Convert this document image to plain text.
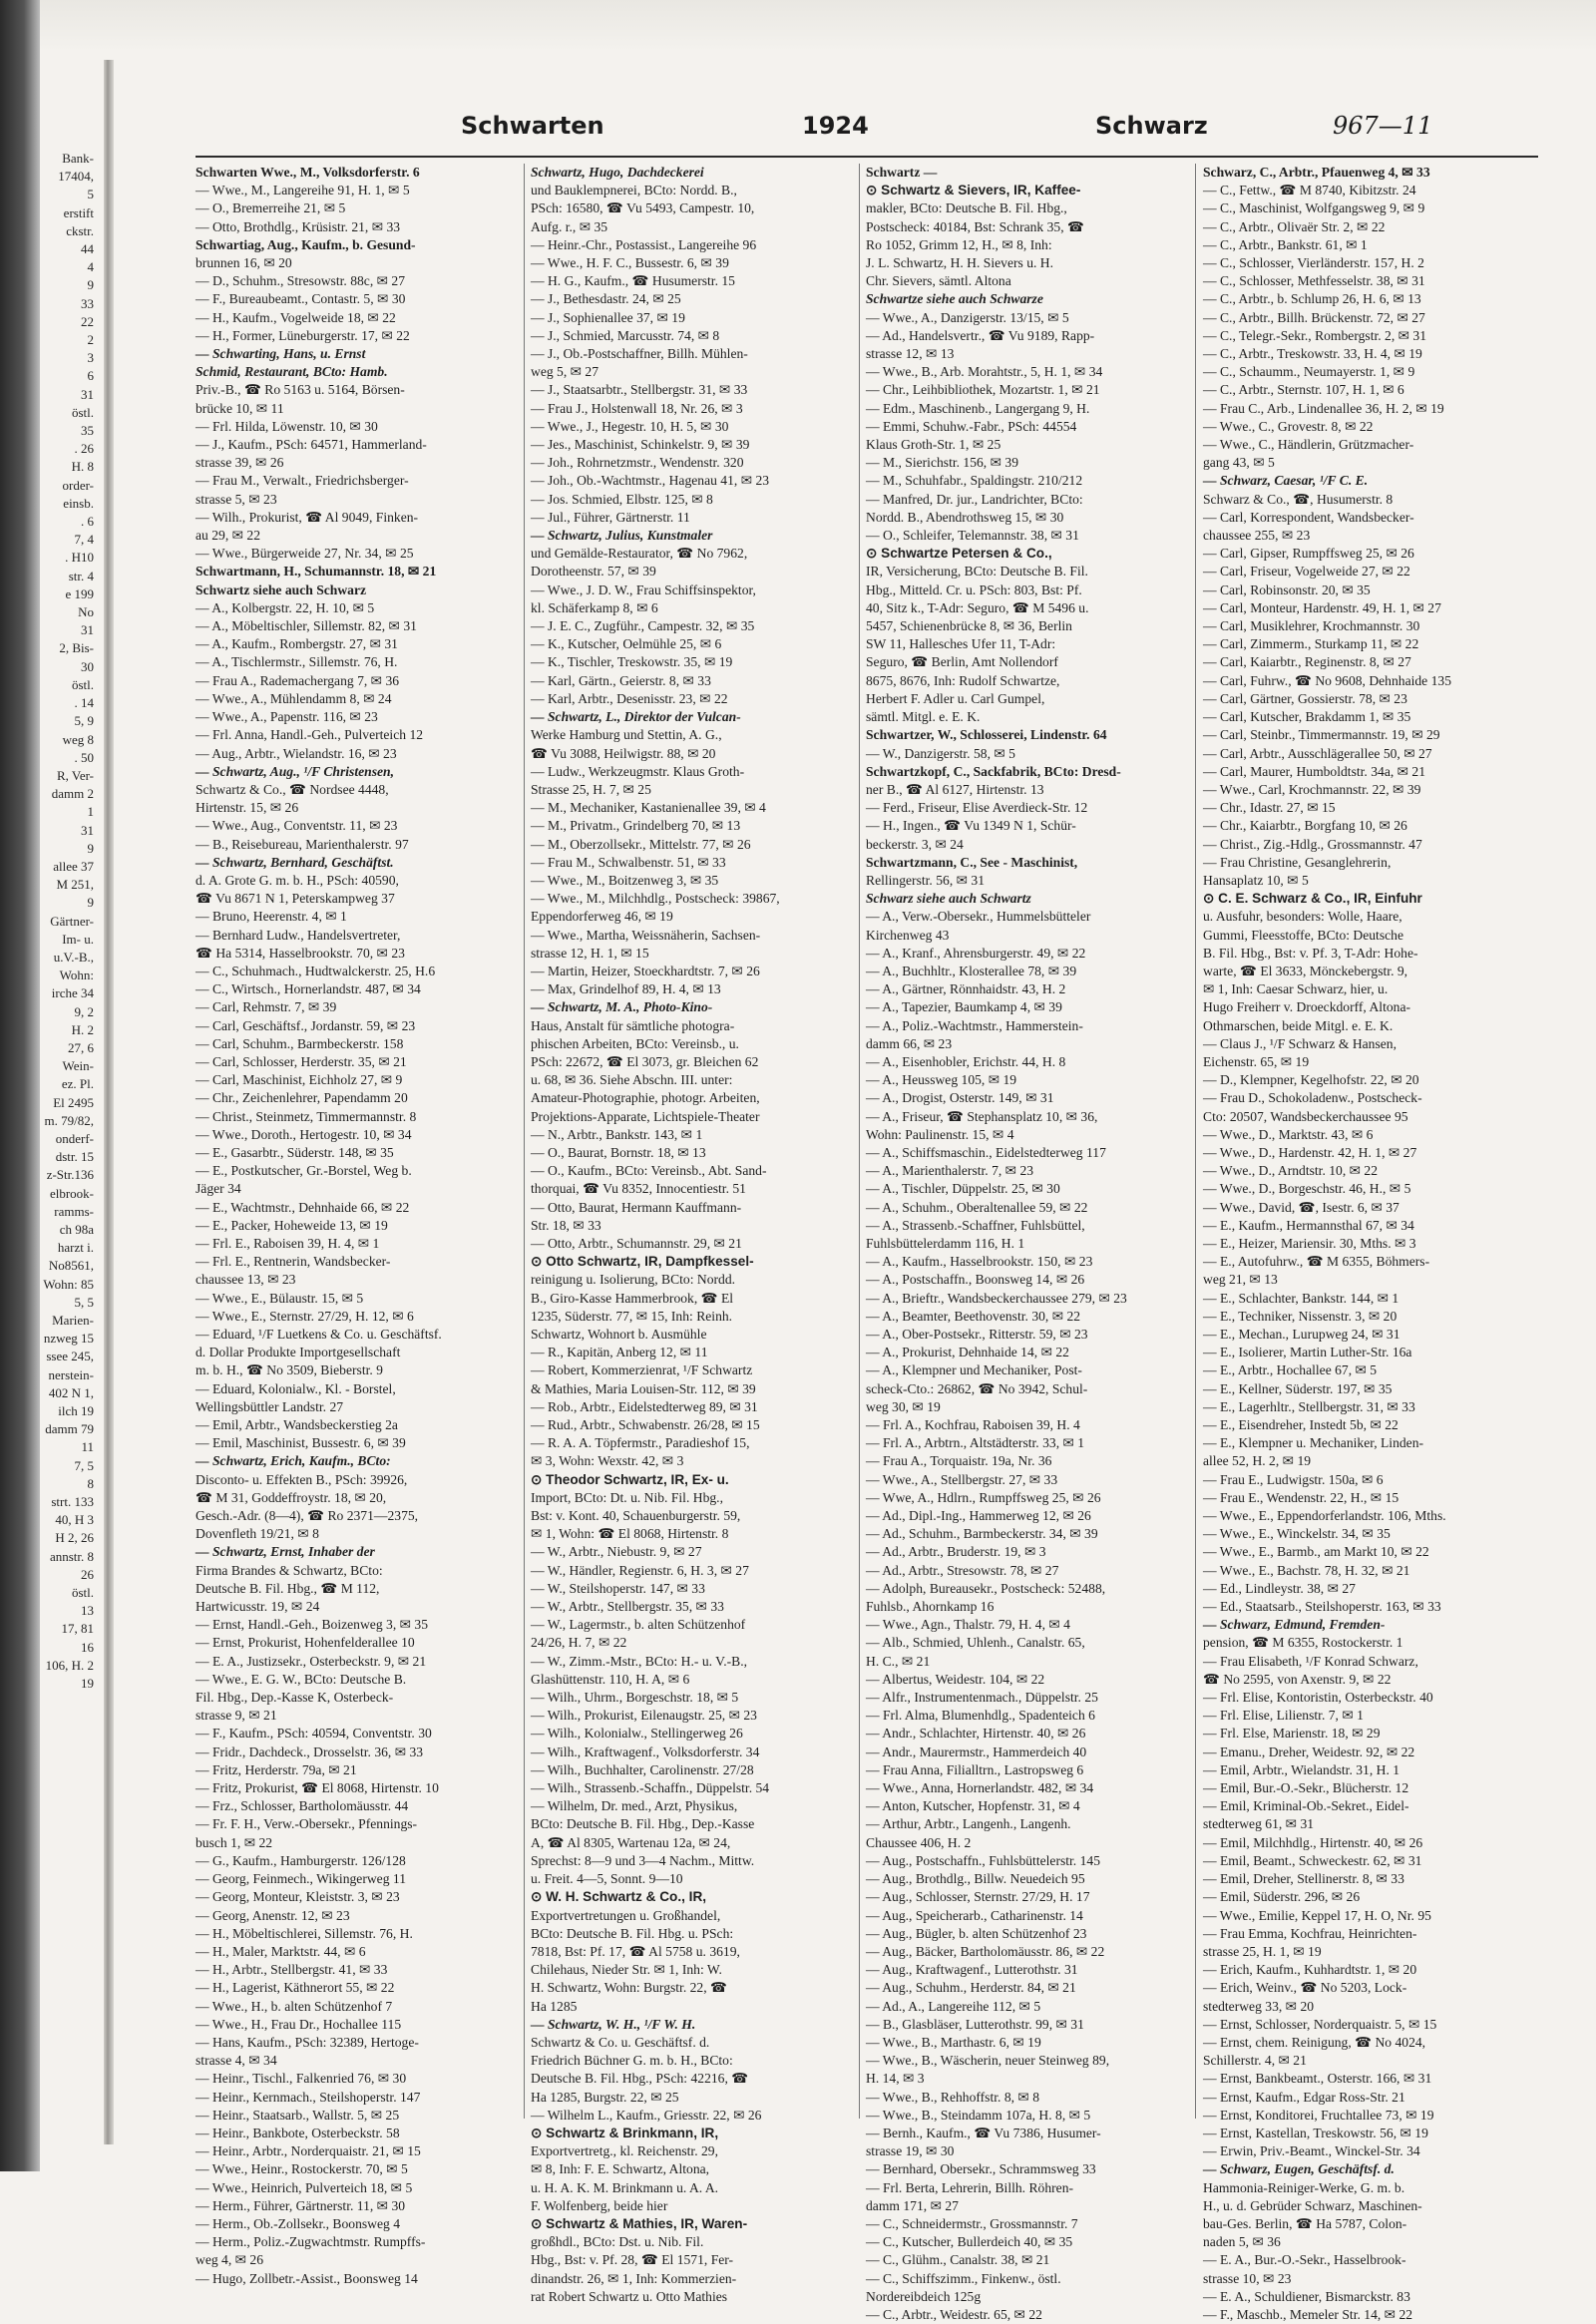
Bank-
17404,
5
erstift
ckstr.
44
4
9
33
22
2
3
6
31
östl.
35
. 26
H. 8
order-
einsb.
. 6
7, 4
. H10
str. 4
e 199
No
31
2, Bis-
30
östl.
. 14
5, 9
weg 8
. 50
R, Ver-
damm 2
1
31
9
allee 37
M 251,
9
Gärtner-
Im- u.
u.V.-B.,
Wohn:
irche 34
9, 2
H. 2
27, 6
Wein-
ez. Pl.
El 2495
m. 79/82,
onderf-
dstr. 15
z-Str.136
elbrook-
ramms-
ch 98a
harzt i.
No8561,
Wohn: 85
5, 5
Marien-
nzweg 15
ssee 245,
nerstein-
402 N 1,
ilch 19
damm 79
11
7, 5
8
strt. 133
40, H 3
H 2, 26
annstr. 8
26
östl.
13
17, 81
16
106, H. 2
19
Schwarten	1924	Schwarz	967—11
Schwarten Wwe., M., Volksdorferstr. 6
— Wwe., M., Langereihe 91, H. 1, ✉ 5
— O., Bremerreihe 21, ✉ 5
— Otto, Brothdlg., Krüsistr. 21, ✉ 33
Schwartiag, Aug., Kaufm., b. Gesund-
brunnen 16, ✉ 20
— D., Schuhm., Stresowstr. 88c, ✉ 27
— F., Bureaubeamt., Contastr. 5, ✉ 30
— H., Kaufm., Vogelweide 18, ✉ 22
— H., Former, Lüneburgerstr. 17, ✉ 22
— Schwarting, Hans, u. Ernst
Schmid, Restaurant, BCto: Hamb.
Priv.-B., ☎ Ro 5163 u. 5164, Börsen-
brücke 10, ✉ 11
— Frl. Hilda, Löwenstr. 10, ✉ 30
— J., Kaufm., PSch: 64571, Hammerland-
strasse 39, ✉ 26
— Frau M., Verwalt., Friedrichsberger-
strasse 5, ✉ 23
— Wilh., Prokurist, ☎ Al 9049, Finken-
au 29, ✉ 22
— Wwe., Bürgerweide 27, Nr. 34, ✉ 25
Schwartmann, H., Schumannstr. 18, ✉ 21
Schwartz siehe auch Schwarz
— A., Kolbergstr. 22, H. 10, ✉ 5
— A., Möbeltischler, Sillemstr. 82, ✉ 31
— A., Kaufm., Rombergstr. 27, ✉ 31
— A., Tischlermstr., Sillemstr. 76, H.
— Frau A., Rademachergang 7, ✉ 36
— Wwe., A., Mühlendamm 8, ✉ 24
— Wwe., A., Papenstr. 116, ✉ 23
— Frl. Anna, Handl.-Geh., Pulverteich 12
— Aug., Arbtr., Wielandstr. 16, ✉ 23
— Schwartz, Aug., ¹/F Christensen,
Schwartz & Co., ☎ Nordsee 4448,
Hirtenstr. 15, ✉ 26
— Wwe., Aug., Conventstr. 11, ✉ 23
— B., Reisebureau, Marienthalerstr. 97
— Schwartz, Bernhard, Geschäftst.
d. A. Grote G. m. b. H., PSch: 40590,
☎ Vu 8671 N 1, Peterskampweg 37
— Bruno, Heerenstr. 4, ✉ 1
— Bernhard Ludw., Handelsvertreter,
☎ Ha 5314, Hasselbrookstr. 70, ✉ 23
— C., Schuhmach., Hudtwalckerstr. 25, H.6
— C., Wirtsch., Hornerlandstr. 487, ✉ 34
— Carl, Rehmstr. 7, ✉ 39
— Carl, Geschäftsf., Jordanstr. 59, ✉ 23
— Carl, Schuhm., Barmbeckerstr. 158
— Carl, Schlosser, Herderstr. 35, ✉ 21
— Carl, Maschinist, Eichholz 27, ✉ 9
— Chr., Zeichenlehrer, Papendamm 20
— Christ., Steinmetz, Timmermannstr. 8
— Wwe., Doroth., Hertogestr. 10, ✉ 34
— E., Gasarbtr., Süderstr. 148, ✉ 35
— E., Postkutscher, Gr.-Borstel, Weg b.
Jäger 34
— E., Wachtmstr., Dehnhaide 66, ✉ 22
— E., Packer, Hoheweide 13, ✉ 19
— Frl. E., Raboisen 39, H. 4, ✉ 1
— Frl. E., Rentnerin, Wandsbecker-
chaussee 13, ✉ 23
— Wwe., E., Bülaustr. 15, ✉ 5
— Wwe., E., Sternstr. 27/29, H. 12, ✉ 6
— Eduard, ¹/F Luetkens & Co. u. Geschäftsf.
d. Dollar Produkte Importgesellschaft
m. b. H., ☎ No 3509, Bieberstr. 9
— Eduard, Kolonialw., Kl. - Borstel,
Wellingsbüttler Landstr. 27
— Emil, Arbtr., Wandsbeckerstieg 2a
— Emil, Maschinist, Bussestr. 6, ✉ 39
— Schwartz, Erich, Kaufm., BCto:
Disconto- u. Effekten B., PSch: 39926,
☎ M 31, Goddeffroystr. 18, ✉ 20,
Gesch.-Adr. (8—4), ☎ Ro 2371—2375,
Dovenfleth 19/21, ✉ 8
— Schwartz, Ernst, Inhaber der
Firma Brandes & Schwartz, BCto:
Deutsche B. Fil. Hbg., ☎ M 112,
Hartwicusstr. 19, ✉ 24
— Ernst, Handl.-Geh., Boizenweg 3, ✉ 35
— Ernst, Prokurist, Hohenfelderallee 10
— E. A., Justizsekr., Osterbeckstr. 9, ✉ 21
— Wwe., E. G. W., BCto: Deutsche B.
Fil. Hbg., Dep.-Kasse K, Osterbeck-
strasse 9, ✉ 21
— F., Kaufm., PSch: 40594, Conventstr. 30
— Fridr., Dachdeck., Drosselstr. 36, ✉ 33
— Fritz, Herderstr. 79a, ✉ 21
— Fritz, Prokurist, ☎ El 8068, Hirtenstr. 10
— Frz., Schlosser, Bartholomäusstr. 44
— Fr. F. H., Verw.-Obersekr., Pfennings-
busch 1, ✉ 22
— G., Kaufm., Hamburgerstr. 126/128
— Georg, Feinmech., Wikingerweg 11
— Georg, Monteur, Kleiststr. 3, ✉ 23
— Georg, Anenstr. 12, ✉ 23
— H., Möbeltischlerei, Sillemstr. 76, H.
— H., Maler, Marktstr. 44, ✉ 6
— H., Arbtr., Stellbergstr. 41, ✉ 33
— H., Lagerist, Käthnerort 55, ✉ 22
— Wwe., H., b. alten Schützenhof 7
— Wwe., H., Frau Dr., Hochallee 115
— Hans, Kaufm., PSch: 32389, Hertoge-
strasse 4, ✉ 34
— Heinr., Tischl., Falkenried 76, ✉ 30
— Heinr., Kernmach., Steilshoperstr. 147
— Heinr., Staatsarb., Wallstr. 5, ✉ 25
— Heinr., Bankbote, Osterbeckstr. 58
— Heinr., Arbtr., Norderquaistr. 21, ✉ 15
— Wwe., Heinr., Rostockerstr. 70, ✉ 5
— Wwe., Heinrich, Pulverteich 18, ✉ 5
— Herm., Führer, Gärtnerstr. 11, ✉ 30
— Herm., Ob.-Zollsekr., Boonsweg 4
— Herm., Poliz.-Zugwachtmstr. Rumpffs-
weg 4, ✉ 26
— Hugo, Zollbetr.-Assist., Boonsweg 14
Schwartz, Hugo, Dachdeckerei
und Bauklempnerei, BCto: Nordd. B.,
PSch: 16580, ☎ Vu 5493, Campestr. 10,
Aufg. r., ✉ 35
— Heinr.-Chr., Postassist., Langereihe 96
— Wwe., H. F. C., Bussestr. 6, ✉ 39
— H. G., Kaufm., ☎ Husumerstr. 15
— J., Bethesdastr. 24, ✉ 25
— J., Sophienallee 37, ✉ 19
— J., Schmied, Marcusstr. 74, ✉ 8
— J., Ob.-Postschaffner, Billh. Mühlen-
weg 5, ✉ 27
— J., Staatsarbtr., Stellbergstr. 31, ✉ 33
— Frau J., Holstenwall 18, Nr. 26, ✉ 3
— Wwe., J., Hegestr. 10, H. 5, ✉ 30
— Jes., Maschinist, Schinkelstr. 9, ✉ 39
— Joh., Rohrnetzmstr., Wendenstr. 320
— Joh., Ob.-Wachtmstr., Hagenau 41, ✉ 23
— Jos. Schmied, Elbstr. 125, ✉ 8
— Jul., Führer, Gärtnerstr. 11
— Schwartz, Julius, Kunstmaler
und Gemälde-Restaurator, ☎ No 7962,
Dorotheenstr. 57, ✉ 39
— Wwe., J. D. W., Frau Schiffsinspektor,
kl. Schäferkamp 8, ✉ 6
— J. E. C., Zugführ., Campestr. 32, ✉ 35
— K., Kutscher, Oelmühle 25, ✉ 6
— K., Tischler, Treskowstr. 35, ✉ 19
— Karl, Gärtn., Geierstr. 8, ✉ 33
— Karl, Arbtr., Desenisstr. 23, ✉ 22
— Schwartz, L., Direktor der Vulcan-
Werke Hamburg und Stettin, A. G.,
☎ Vu 3088, Heilwigstr. 88, ✉ 20
— Ludw., Werkzeugmstr. Klaus Groth-
Strasse 25, H. 7, ✉ 25
— M., Mechaniker, Kastanienallee 39, ✉ 4
— M., Privatm., Grindelberg 70, ✉ 13
— M., Oberzollsekr., Mittelstr. 77, ✉ 26
— Frau M., Schwalbenstr. 51, ✉ 33
— Wwe., M., Boitzenweg 3, ✉ 35
— Wwe., M., Milchhdlg., Postscheck: 39867,
Eppendorferweg 46, ✉ 19
— Wwe., Martha, Weissnäherin, Sachsen-
strasse 12, H. 1, ✉ 15
— Martin, Heizer, Stoeckhardtstr. 7, ✉ 26
— Max, Grindelhof 89, H. 4, ✉ 13
— Schwartz, M. A., Photo-Kino-
Haus, Anstalt für sämtliche photogra-
phischen Arbeiten, BCto: Vereinsb., u.
PSch: 22672, ☎ El 3073, gr. Bleichen 62
u. 68, ✉ 36. Siehe Abschn. III. unter:
Amateur-Photographie, photogr. Arbeiten,
Projektions-Apparate, Lichtspiele-Theater
— N., Arbtr., Bankstr. 143, ✉ 1
— O., Baurat, Bornstr. 18, ✉ 13
— O., Kaufm., BCto: Vereinsb., Abt. Sand-
thorquai, ☎ Vu 8352, Innocentiestr. 51
— Otto, Baurat, Hermann Kauffmann-
Str. 18, ✉ 33
— Otto, Arbtr., Schumannstr. 29, ✉ 21
⊙ Otto Schwartz, IR, Dampfkessel-
reinigung u. Isolierung, BCto: Nordd.
B., Giro-Kasse Hammerbrook, ☎ El
1235, Süderstr. 77, ✉ 15, Inh: Reinh.
Schwartz, Wohnort b. Ausmühle
— R., Kapitän, Anberg 12, ✉ 11
— Robert, Kommerzienrat, ¹/F Schwartz
& Mathies, Maria Louisen-Str. 112, ✉ 39
— Rob., Arbtr., Eidelstedterweg 89, ✉ 31
— Rud., Arbtr., Schwabenstr. 26/28, ✉ 15
— R. A. A. Töpfermstr., Paradieshof 15,
✉ 3, Wohn: Wexstr. 42, ✉ 3
⊙ Theodor Schwartz, IR, Ex- u.
Import, BCto: Dt. u. Nib. Fil. Hbg.,
Bst: v. Kont. 40, Schauenburgerstr. 59,
✉ 1, Wohn: ☎ El 8068, Hirtenstr. 8
— W., Arbtr., Niebustr. 9, ✉ 27
— W., Händler, Regienstr. 6, H. 3, ✉ 27
— W., Steilshoperstr. 147, ✉ 33
— W., Arbtr., Stellbergstr. 35, ✉ 33
— W., Lagermstr., b. alten Schützenhof
24/26, H. 7, ✉ 22
— W., Zimm.-Mstr., BCto: H.- u. V.-B.,
Glashüttenstr. 110, H. A, ✉ 6
— Wilh., Uhrm., Borgeschstr. 18, ✉ 5
— Wilh., Prokurist, Eilenaugstr. 25, ✉ 23
— Wilh., Kolonialw., Stellingerweg 26
— Wilh., Kraftwagenf., Volksdorferstr. 34
— Wilh., Buchhalter, Carolinenstr. 27/28
— Wilh., Strassenb.-Schaffn., Düppelstr. 54
— Wilhelm, Dr. med., Arzt, Physikus,
BCto: Deutsche B. Fil. Hbg., Dep.-Kasse
A, ☎ Al 8305, Wartenau 12a, ✉ 24,
Sprechst: 8—9 und 3—4 Nachm., Mittw.
u. Freit. 4—5, Sonnt. 9—10
⊙ W. H. Schwartz & Co., IR,
Exportvertretungen u. Großhandel,
BCto: Deutsche B. Fil. Hbg. u. PSch:
7818, Bst: Pf. 17, ☎ Al 5758 u. 3619,
Chilehaus, Nieder Str. ✉ 1, Inh: W.
H. Schwartz, Wohn: Burgstr. 22, ☎
Ha 1285
— Schwartz, W. H., ¹/F W. H.
Schwartz & Co. u. Geschäftsf. d.
Friedrich Büchner G. m. b. H., BCto:
Deutsche B. Fil. Hbg., PSch: 42216, ☎
Ha 1285, Burgstr. 22, ✉ 25
— Wilhelm L., Kaufm., Griesstr. 22, ✉ 26
⊙ Schwartz & Brinkmann, IR,
Exportvertretg., kl. Reichenstr. 29,
✉ 8, Inh: F. E. Schwartz, Altona,
u. H. A. K. M. Brinkmann u. A. A.
F. Wolfenberg, beide hier
⊙ Schwartz & Mathies, IR, Waren-
großhdl., BCto: Dst. u. Nib. Fil.
Hbg., Bst: v. Pf. 28, ☎ El 1571, Fer-
dinandstr. 26, ✉ 1, Inh: Kommerzien-
rat Robert Schwartz u. Otto Mathies
Schwartz —
⊙ Schwartz & Sievers, IR, Kaffee-
makler, BCto: Deutsche B. Fil. Hbg.,
Postscheck: 40184, Bst: Schrank 35, ☎
Ro 1052, Grimm 12, H., ✉ 8, Inh:
J. L. Schwartz, H. H. Sievers u. H.
Chr. Sievers, sämtl. Altona
Schwartze siehe auch Schwarze
— Wwe., A., Danzigerstr. 13/15, ✉ 5
— Ad., Handelsvertr., ☎ Vu 9189, Rapp-
strasse 12, ✉ 13
— Wwe., B., Arb. Morahtstr., 5, H. 1, ✉ 34
— Chr., Leihbibliothek, Mozartstr. 1, ✉ 21
— Edm., Maschinenb., Langergang 9, H.
— Emmi, Schuhw.-Fabr., PSch: 44554
Klaus Groth-Str. 1, ✉ 25
— M., Sierichstr. 156, ✉ 39
— M., Schuhfabr., Spaldingstr. 210/212
— Manfred, Dr. jur., Landrichter, BCto:
Nordd. B., Abendrothsweg 15, ✉ 30
— O., Schleifer, Telemannstr. 38, ✉ 31
⊙ Schwartze Petersen & Co.,
IR, Versicherung, BCto: Deutsche B. Fil.
Hbg., Mitteld. Cr. u. PSch: 803, Bst: Pf.
40, Sitz k., T-Adr: Seguro, ☎ M 5496 u.
5457, Schienenbrücke 8, ✉ 36, Berlin
SW 11, Hallesches Ufer 11, T-Adr:
Seguro, ☎ Berlin, Amt Nollendorf
8675, 8676, Inh: Rudolf Schwartze,
Herbert F. Adler u. Carl Gumpel,
sämtl. Mitgl. e. E. K.
Schwartzer, W., Schlosserei, Lindenstr. 64
— W., Danzigerstr. 58, ✉ 5
Schwartzkopf, C., Sackfabrik, BCto: Dresd-
ner B., ☎ Al 6127, Hirtenstr. 13
— Ferd., Friseur, Elise Averdieck-Str. 12
— H., Ingen., ☎ Vu 1349 N 1, Schür-
beckerstr. 3, ✉ 24
Schwartzmann, C., See - Maschinist,
Rellingerstr. 56, ✉ 31
Schwarz siehe auch Schwartz
— A., Verw.-Obersekr., Hummelsbütteler
Kirchenweg 43
— A., Kranf., Ahrensburgerstr. 49, ✉ 22
— A., Buchhltr., Klosterallee 78, ✉ 39
— A., Gärtner, Rönnhaidstr. 43, H. 2
— A., Tapezier, Baumkamp 4, ✉ 39
— A., Poliz.-Wachtmstr., Hammerstein-
damm 66, ✉ 23
— A., Eisenhobler, Erichstr. 44, H. 8
— A., Heussweg 105, ✉ 19
— A., Drogist, Osterstr. 149, ✉ 31
— A., Friseur, ☎ Stephansplatz 10, ✉ 36,
Wohn: Paulinenstr. 15, ✉ 4
— A., Schiffsmaschin., Eidelstedterweg 117
— A., Marienthalerstr. 7, ✉ 23
— A., Tischler, Düppelstr. 25, ✉ 30
— A., Schuhm., Oberaltenallee 59, ✉ 22
— A., Strassenb.-Schaffner, Fuhlsbüttel,
Fuhlsbüttelerdamm 116, H. 1
— A., Kaufm., Hasselbrookstr. 150, ✉ 23
— A., Postschaffn., Boonsweg 14, ✉ 26
— A., Brieftr., Wandsbeckerchaussee 279, ✉ 23
— A., Beamter, Beethovenstr. 30, ✉ 22
— A., Ober-Postsekr., Ritterstr. 59, ✉ 23
— A., Prokurist, Dehnhaide 14, ✉ 22
— A., Klempner und Mechaniker, Post-
scheck-Cto.: 26862, ☎ No 3942, Schul-
weg 30, ✉ 19
— Frl. A., Kochfrau, Raboisen 39, H. 4
— Frl. A., Arbtrn., Altstädterstr. 33, ✉ 1
— Frau A., Torquaistr. 19a, Nr. 36
— Wwe., A., Stellbergstr. 27, ✉ 33
— Wwe, A., Hdlrn., Rumpffsweg 25, ✉ 26
— Ad., Dipl.-Ing., Hammerweg 12, ✉ 26
— Ad., Schuhm., Barmbeckerstr. 34, ✉ 39
— Ad., Arbtr., Bruderstr. 19, ✉ 3
— Ad., Arbtr., Stresowstr. 78, ✉ 27
— Adolph, Bureausekr., Postscheck: 52488,
Fuhlsb., Ahornkamp 16
— Wwe., Agn., Thalstr. 79, H. 4, ✉ 4
— Alb., Schmied, Uhlenh., Canalstr. 65,
H. C., ✉ 21
— Albertus, Weidestr. 104, ✉ 22
— Alfr., Instrumentenmach., Düppelstr. 25
— Frl. Alma, Blumenhdlg., Spadenteich 6
— Andr., Schlachter, Hirtenstr. 40, ✉ 26
— Andr., Maurermstr., Hammerdeich 40
— Frau Anna, Filialltrn., Lastropsweg 6
— Wwe., Anna, Hornerlandstr. 482, ✉ 34
— Anton, Kutscher, Hopfenstr. 31, ✉ 4
— Arthur, Arbtr., Langenh., Langenh.
Chaussee 406, H. 2
— Aug., Postschaffn., Fuhlsbüttelerstr. 145
— Aug., Brothdlg., Billw. Neuedeich 95
— Aug., Schlosser, Sternstr. 27/29, H. 17
— Aug., Speicherarb., Catharinenstr. 14
— Aug., Bügler, b. alten Schützenhof 23
— Aug., Bäcker, Bartholomäusstr. 86, ✉ 22
— Aug., Kraftwagenf., Lutterothstr. 31
— Aug., Schuhm., Herderstr. 84, ✉ 21
— Ad., A., Langereihe 112, ✉ 5
— B., Glasbläser, Lutterothstr. 99, ✉ 31
— Wwe., B., Marthastr. 6, ✉ 19
— Wwe., B., Wäscherin, neuer Steinweg 89,
H. 14, ✉ 3
— Wwe., B., Rehhoffstr. 8, ✉ 8
— Wwe., B., Steindamm 107a, H. 8, ✉ 5
— Bernh., Kaufm., ☎ Vu 7386, Husumer-
strasse 19, ✉ 30
— Bernhard, Obersekr., Schrammsweg 33
— Frl. Berta, Lehrerin, Billh. Röhren-
damm 171, ✉ 27
— C., Schneidermstr., Grossmannstr. 7
— C., Kutscher, Bullerdeich 40, ✉ 35
— C., Glühm., Canalstr. 38, ✉ 21
— C., Schiffszimm., Finkenw., östl.
Nordereibdeich 125g
— C., Arbtr., Weidestr. 65, ✉ 22
Schwarz, C., Arbtr., Pfauenweg 4, ✉ 33
— C., Fettw., ☎ M 8740, Kibitzstr. 24
— C., Maschinist, Wolfgangsweg 9, ✉ 9
— C., Arbtr., Olivaër Str. 2, ✉ 22
— C., Arbtr., Bankstr. 61, ✉ 1
— C., Schlosser, Vierländerstr. 157, H. 2
— C., Schlosser, Methfesselstr. 38, ✉ 31
— C., Arbtr., b. Schlump 26, H. 6, ✉ 13
— C., Arbtr., Billh. Brückenstr. 72, ✉ 27
— C., Telegr.-Sekr., Rombergstr. 2, ✉ 31
— C., Arbtr., Treskowstr. 33, H. 4, ✉ 19
— C., Schaumm., Neumayerstr. 1, ✉ 9
— C., Arbtr., Sternstr. 107, H. 1, ✉ 6
— Frau C., Arb., Lindenallee 36, H. 2, ✉ 19
— Wwe., C., Grovestr. 8, ✉ 22
— Wwe., C., Händlerin, Grützmacher-
gang 43, ✉ 5
— Schwarz, Caesar, ¹/F C. E.
Schwarz & Co., ☎, Husumerstr. 8
— Carl, Korrespondent, Wandsbecker-
chaussee 255, ✉ 23
— Carl, Gipser, Rumpffsweg 25, ✉ 26
— Carl, Friseur, Vogelweide 27, ✉ 22
— Carl, Robinsonstr. 20, ✉ 35
— Carl, Monteur, Hardenstr. 49, H. 1, ✉ 27
— Carl, Musiklehrer, Krochmannstr. 30
— Carl, Zimmerm., Sturkamp 11, ✉ 22
— Carl, Kaiarbtr., Reginenstr. 8, ✉ 27
— Carl, Fuhrw., ☎ No 9608, Dehnhaide 135
— Carl, Gärtner, Gossierstr. 78, ✉ 23
— Carl, Kutscher, Brakdamm 1, ✉ 35
— Carl, Steinbr., Timmermannstr. 19, ✉ 29
— Carl, Arbtr., Ausschlägerallee 50, ✉ 27
— Carl, Maurer, Humboldtstr. 34a, ✉ 21
— Wwe., Carl, Krochmannstr. 22, ✉ 39
— Chr., Idastr. 27, ✉ 15
— Chr., Kaiarbtr., Borgfang 10, ✉ 26
— Christ., Zig.-Hdlg., Grossmannstr. 47
— Frau Christine, Gesanglehrerin,
Hansaplatz 10, ✉ 5
⊙ C. E. Schwarz & Co., IR, Einfuhr
u. Ausfuhr, besonders: Wolle, Haare,
Gummi, Fleesstoffe, BCto: Deutsche
B. Fil. Hbg., Bst: v. Pf. 3, T-Adr: Hohe-
warte, ☎ El 3633, Mönckebergstr. 9,
✉ 1, Inh: Caesar Schwarz, hier, u.
Hugo Freiherr v. Droeckdorff, Altona-
Othmarschen, beide Mitgl. e. E. K.
— Claus J., ¹/F Schwarz & Hansen,
Eichenstr. 65, ✉ 19
— D., Klempner, Kegelhofstr. 22, ✉ 20
— Frau D., Schokoladenw., Postscheck-
Cto: 20507, Wandsbeckerchaussee 95
— Wwe., D., Marktstr. 43, ✉ 6
— Wwe., D., Hardenstr. 42, H. 1, ✉ 27
— Wwe., D., Arndtstr. 10, ✉ 22
— Wwe., D., Borgeschstr. 46, H., ✉ 5
— Wwe., David, ☎, Isestr. 6, ✉ 37
— E., Kaufm., Hermannsthal 67, ✉ 34
— E., Heizer, Mariensir. 30, Mths. ✉ 3
— E., Autofuhrw., ☎ M 6355, Böhmers-
weg 21, ✉ 13
— E., Schlachter, Bankstr. 144, ✉ 1
— E., Techniker, Nissenstr. 3, ✉ 20
— E., Mechan., Lurupweg 24, ✉ 31
— E., Isolierer, Martin Luther-Str. 16a
— E., Arbtr., Hochallee 67, ✉ 5
— E., Kellner, Süderstr. 197, ✉ 35
— E., Lagerhltr., Stellbergstr. 31, ✉ 33
— E., Eisendreher, Instedt 5b, ✉ 22
— E., Klempner u. Mechaniker, Linden-
allee 52, H. 2, ✉ 19
— Frau E., Ludwigstr. 150a, ✉ 6
— Frau E., Wendenstr. 22, H., ✉ 15
— Wwe., E., Eppendorferlandstr. 106, Mths.
— Wwe., E., Winckelstr. 34, ✉ 35
— Wwe., E., Barmb., am Markt 10, ✉ 22
— Wwe., E., Bachstr. 78, H. 32, ✉ 21
— Ed., Lindleystr. 38, ✉ 27
— Ed., Staatsarb., Steilshoperstr. 163, ✉ 33
— Schwarz, Edmund, Fremden-
pension, ☎ M 6355, Rostockerstr. 1
— Frau Elisabeth, ¹/F Konrad Schwarz,
☎ No 2595, von Axenstr. 9, ✉ 22
— Frl. Elise, Kontoristin, Osterbeckstr. 40
— Frl. Elise, Lilienstr. 7, ✉ 1
— Frl. Else, Marienstr. 18, ✉ 29
— Emanu., Dreher, Weidestr. 92, ✉ 22
— Emil, Arbtr., Wielandstr. 31, H. 1
— Emil, Bur.-O.-Sekr., Blücherstr. 12
— Emil, Kriminal-Ob.-Sekret., Eidel-
stedterweg 61, ✉ 31
— Emil, Milchhdlg., Hirtenstr. 40, ✉ 26
— Emil, Beamt., Schweckestr. 62, ✉ 31
— Emil, Dreher, Stellinerstr. 8, ✉ 33
— Emil, Süderstr. 296, ✉ 26
— Wwe., Emilie, Keppel 17, H. O, Nr. 95
— Frau Emma, Kochfrau, Heinrichten-
strasse 25, H. 1, ✉ 19
— Erich, Kaufm., Kuhhardtstr. 1, ✉ 20
— Erich, Weinv., ☎ No 5203, Lock-
stedterweg 33, ✉ 20
— Ernst, Schlosser, Norderquaistr. 5, ✉ 15
— Ernst, chem. Reinigung, ☎ No 4024,
Schillerstr. 4, ✉ 21
— Ernst, Bankbeamt., Osterstr. 166, ✉ 31
— Ernst, Kaufm., Edgar Ross-Str. 21
— Ernst, Konditorei, Fruchtallee 73, ✉ 19
— Ernst, Kastellan, Treskowstr. 56, ✉ 19
— Erwin, Priv.-Beamt., Winckel-Str. 34
— Schwarz, Eugen, Geschäftsf. d.
Hammonia-Reiniger-Werke, G. m. b.
H., u. d. Gebrüder Schwarz, Maschinen-
bau-Ges. Berlin, ☎ Ha 5787, Colon-
naden 5, ✉ 36
— E. A., Bur.-O.-Sekr., Hasselbrook-
strasse 10, ✉ 23
— E. A., Schuldiener, Bismarckstr. 83
— F., Maschb., Memeler Str. 14, ✉ 22
